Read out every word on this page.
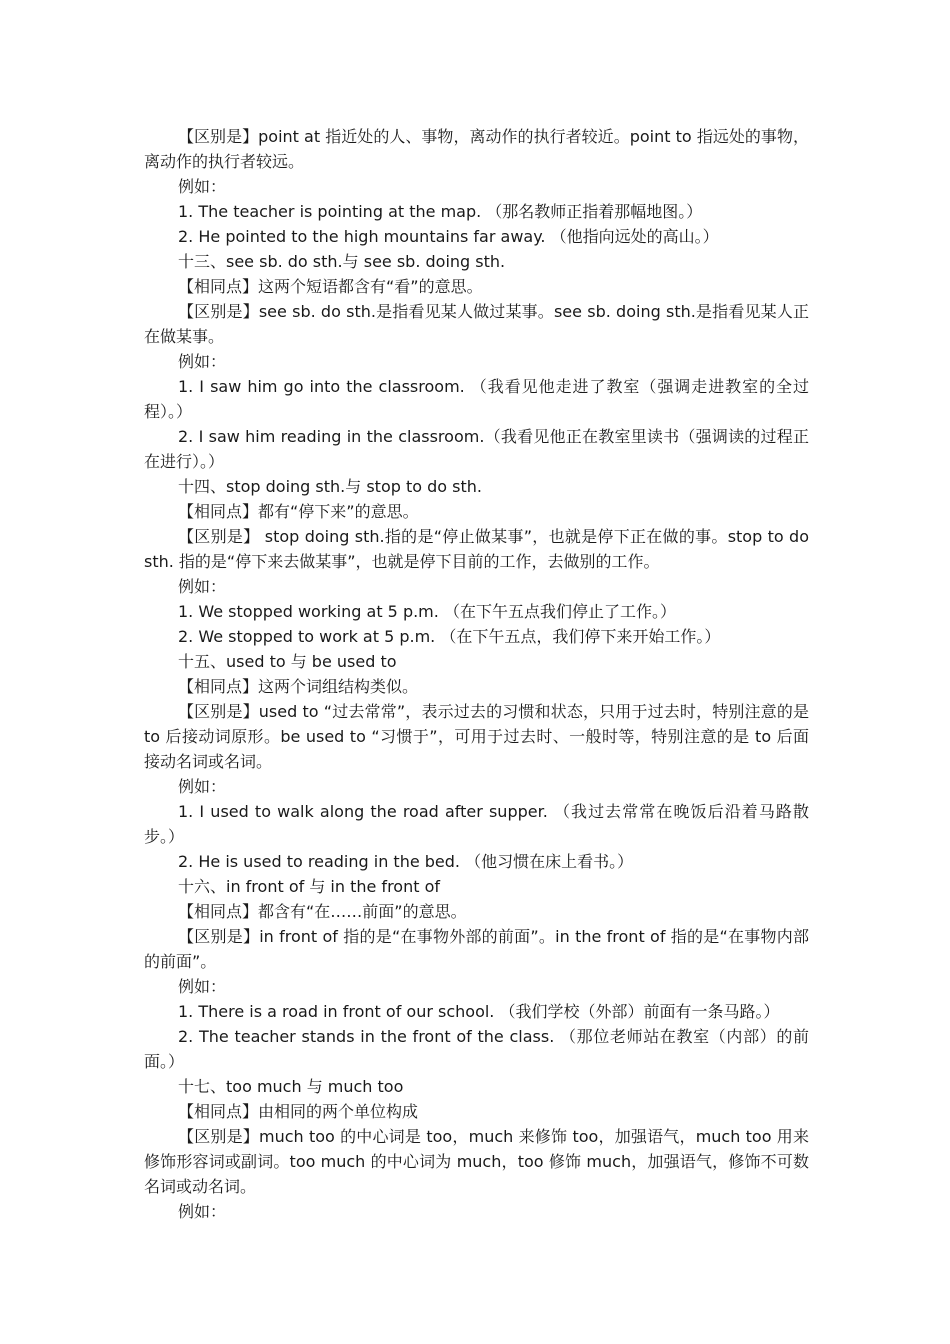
【区别是】point at 指近处的人、事物，离动作的执行者较近。point to 指远处的事物，离动作的执行者较远。

例如：

1. The teacher is pointing at the map. （那名教师正指着那幅地图。）

2. He pointed to the high mountains far away. （他指向远处的高山。）

十三、see sb. do sth.与 see sb. doing sth.

【相同点】这两个短语都含有“看”的意思。

【区别是】see sb. do sth.是指看见某人做过某事。see sb. doing sth.是指看见某人正在做某事。

例如：

1. I saw him go into the classroom. （我看见他走进了教室（强调走进教室的全过程）。）

2. I saw him reading in the classroom.（我看见他正在教室里读书（强调读的过程正在进行）。）

十四、stop doing sth.与 stop to do sth.

【相同点】都有“停下来”的意思。

【区别是】 stop doing sth.指的是“停止做某事”，也就是停下正在做的事。stop to do sth. 指的是“停下来去做某事”，也就是停下目前的工作，去做别的工作。

例如：

1. We stopped working at 5 p.m. （在下午五点我们停止了工作。）

2. We stopped to work at 5 p.m. （在下午五点，我们停下来开始工作。）

十五、used to 与 be used to

【相同点】这两个词组结构类似。

【区别是】used to “过去常常”，表示过去的习惯和状态，只用于过去时，特别注意的是 to 后接动词原形。be used to “习惯于”，可用于过去时、一般时等，特别注意的是 to 后面接动名词或名词。

例如：

1. I used to walk along the road after supper. （我过去常常在晚饭后沿着马路散步。）

2. He is used to reading in the bed. （他习惯在床上看书。）

十六、in front of 与 in the front of

【相同点】都含有“在……前面”的意思。

【区别是】in front of 指的是“在事物外部的前面”。in the front of 指的是“在事物内部的前面”。

例如：

1. There is a road in front of our school. （我们学校（外部）前面有一条马路。）

2. The teacher stands in the front of the class. （那位老师站在教室（内部）的前面。）

十七、too much 与 much too

【相同点】由相同的两个单位构成

【区别是】much too 的中心词是 too，much 来修饰 too，加强语气，much too 用来修饰形容词或副词。too much 的中心词为 much，too 修饰 much，加强语气，修饰不可数名词或动名词。

例如：
